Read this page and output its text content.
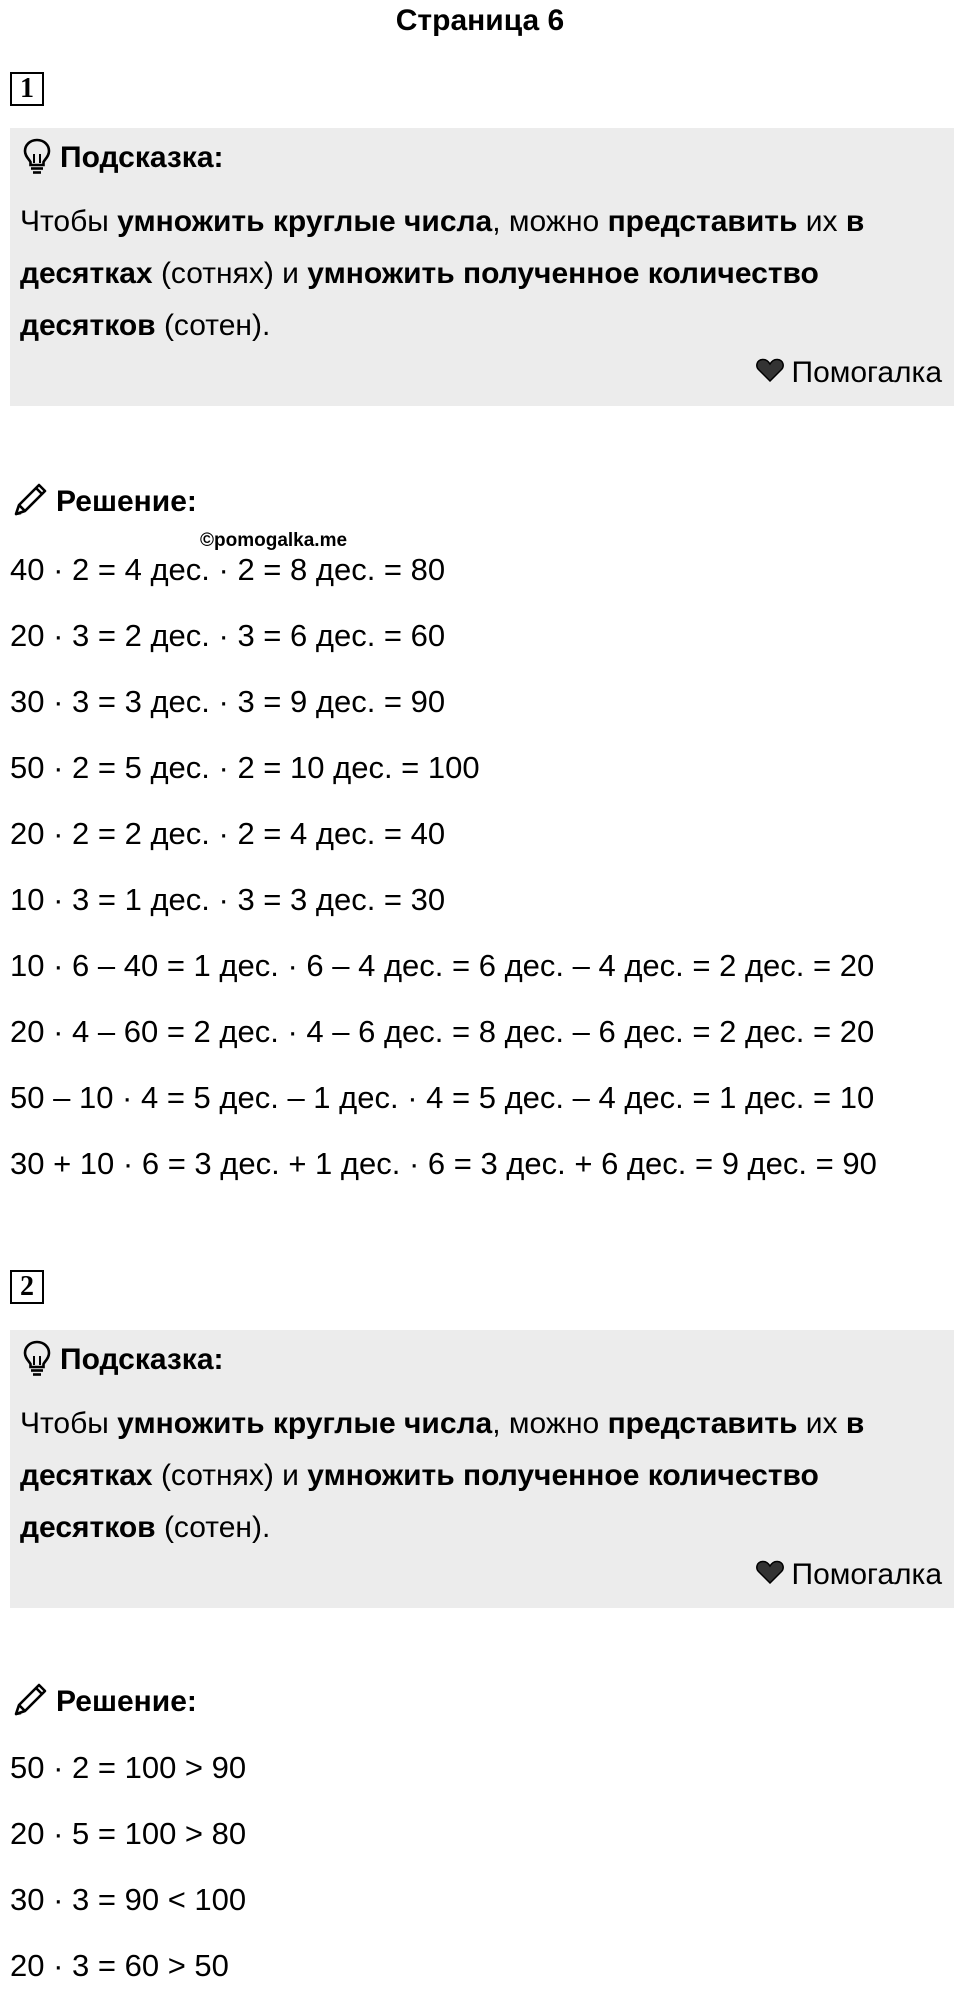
Страница 6
©pomogalka.me
1
Подсказка:
Чтобы умножить круглые числа, можно представить их в десятках (сотнях) и умножить полученное количество десятков (сотен).
Помогалка
Решение:
40 · 2 = 4 дес. · 2 = 8 дес. = 80
20 · 3 = 2 дес. · 3 = 6 дес. = 60
30 · 3 = 3 дес. · 3 = 9 дес. = 90
50 · 2 = 5 дес. · 2 = 10 дес. = 100
20 · 2 = 2 дес. · 2 = 4 дес. = 40
10 · 3 = 1 дес. · 3 = 3 дес. = 30
10 · 6 – 40 = 1 дес. · 6 – 4 дес. = 6 дес. – 4 дес. = 2 дес. = 20
20 · 4 – 60 = 2 дес. · 4 – 6 дес. = 8 дес. – 6 дес. = 2 дес. = 20
50 – 10 · 4 = 5 дес. – 1 дес. · 4 = 5 дес. – 4 дес. = 1 дес. = 10
30 + 10 · 6 = 3 дес. + 1 дес. · 6 = 3 дес. + 6 дес. = 9 дес. = 90
2
Подсказка:
Чтобы умножить круглые числа, можно представить их в десятках (сотнях) и умножить полученное количество десятков (сотен).
Помогалка
Решение:
50 · 2 = 100 > 90
20 · 5 = 100 > 80
30 · 3 = 90 < 100
20 · 3 = 60 > 50
